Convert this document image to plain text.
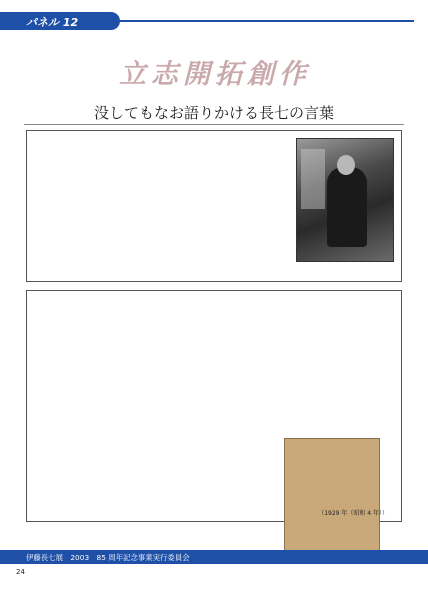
パネル 12
立志開拓創作
没してもなお語りかける長七の言葉
（1929 年（昭和 4 年））
伊藤長七展　2003　85 周年記念事業実行委員会
24
